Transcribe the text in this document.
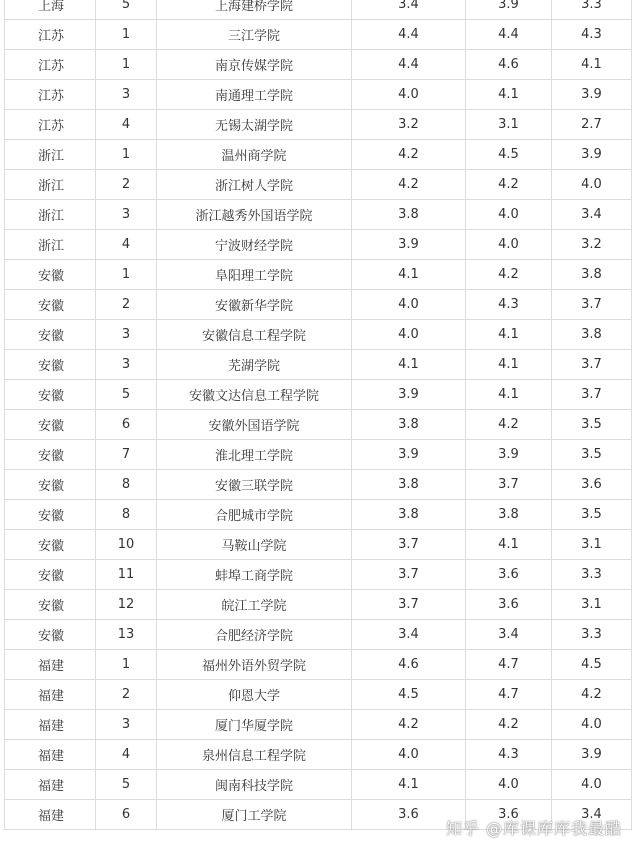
上海	5	上海建桥学院	3.4	3.9	3.3
江苏	1	三江学院	4.4	4.4	4.3
江苏	1	南京传媒学院	4.4	4.6	4.1
江苏	3	南通理工学院	4.0	4.1	3.9
江苏	4	无锡太湖学院	3.2	3.1	2.7
浙江	1	温州商学院	4.2	4.5	3.9
浙江	2	浙江树人学院	4.2	4.2	4.0
浙江	3	浙江越秀外国语学院	3.8	4.0	3.4
浙江	4	宁波财经学院	3.9	4.0	3.2
安徽	1	阜阳理工学院	4.1	4.2	3.8
安徽	2	安徽新华学院	4.0	4.3	3.7
安徽	3	安徽信息工程学院	4.0	4.1	3.8
安徽	3	芜湖学院	4.1	4.1	3.7
安徽	5	安徽文达信息工程学院	3.9	4.1	3.7
安徽	6	安徽外国语学院	3.8	4.2	3.5
安徽	7	淮北理工学院	3.9	3.9	3.5
安徽	8	安徽三联学院	3.8	3.7	3.6
安徽	8	合肥城市学院	3.8	3.8	3.5
安徽	10	马鞍山学院	3.7	4.1	3.1
安徽	11	蚌埠工商学院	3.7	3.6	3.3
安徽	12	皖江工学院	3.7	3.6	3.1
安徽	13	合肥经济学院	3.4	3.4	3.3
福建	1	福州外语外贸学院	4.6	4.7	4.5
福建	2	仰恩大学	4.5	4.7	4.2
福建	3	厦门华厦学院	4.2	4.2	4.0
福建	4	泉州信息工程学院	4.0	4.3	3.9
福建	5	闽南科技学院	4.1	4.0	4.0
福建	6	厦门工学院	3.6	3.6	3.4
知乎 @库课库库我最酷
